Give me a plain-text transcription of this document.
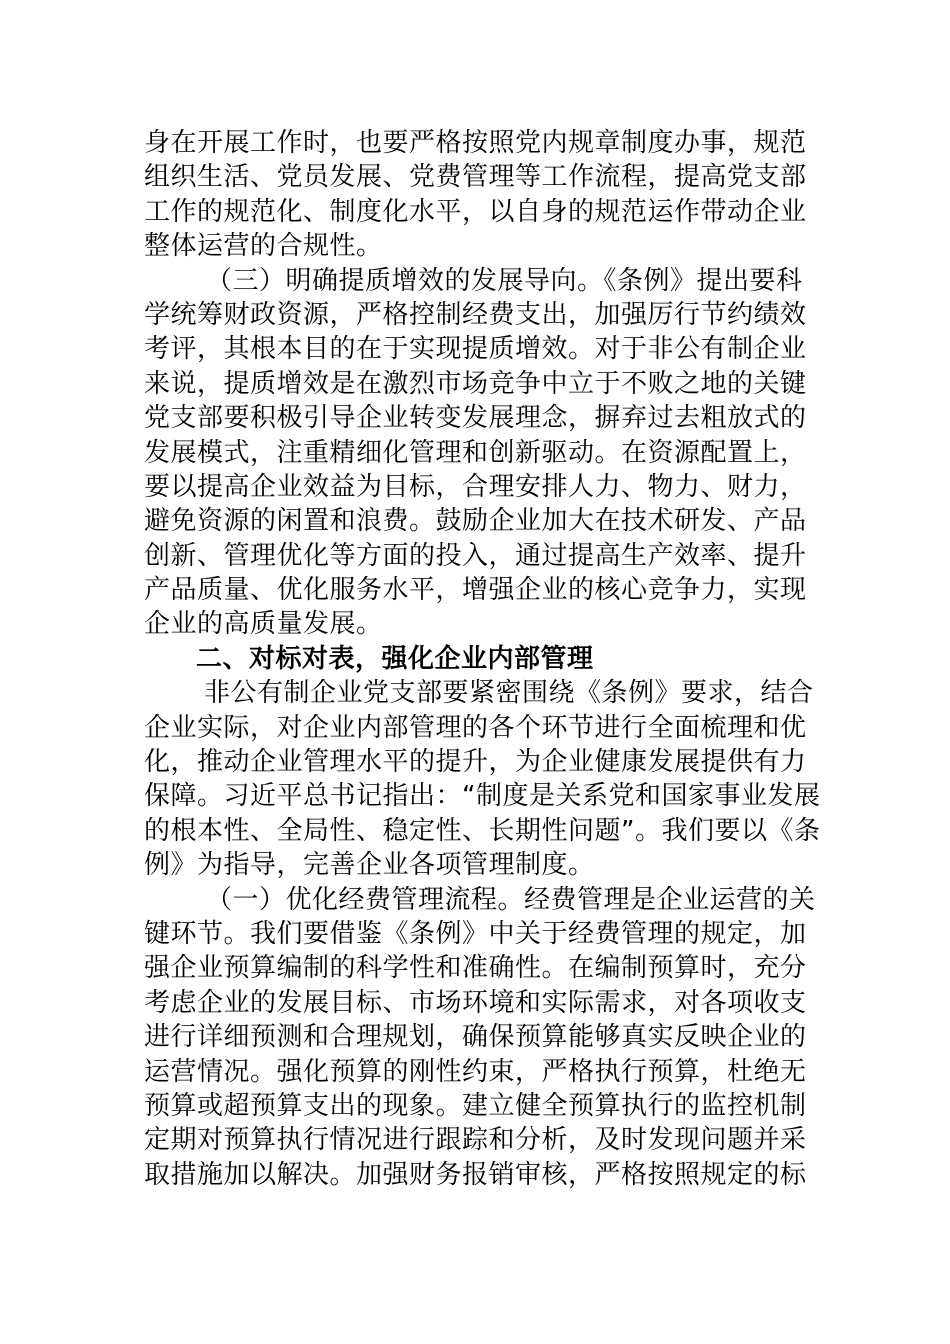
身在开展工作时，也要严格按照党内规章制度办事，规范
组织生活、党员发展、党费管理等工作流程，提高党支部
工作的规范化、制度化水平，以自身的规范运作带动企业
整体运营的合规性。
（三）明确提质增效的发展导向。《条例》提出要科
学统筹财政资源，严格控制经费支出，加强厉行节约绩效
考评，其根本目的在于实现提质增效。对于非公有制企业
来说，提质增效是在激烈市场竞争中立于不败之地的关键
党支部要积极引导企业转变发展理念，摒弃过去粗放式的
发展模式，注重精细化管理和创新驱动。在资源配置上，
要以提高企业效益为目标，合理安排人力、物力、财力，
避免资源的闲置和浪费。鼓励企业加大在技术研发、产品
创新、管理优化等方面的投入，通过提高生产效率、提升
产品质量、优化服务水平，增强企业的核心竞争力，实现
企业的高质量发展。
二、对标对表，强化企业内部管理
非公有制企业党支部要紧密围绕《条例》要求，结合
企业实际，对企业内部管理的各个环节进行全面梳理和优
化，推动企业管理水平的提升，为企业健康发展提供有力
保障。习近平总书记指出：“制度是关系党和国家事业发展
的根本性、全局性、稳定性、长期性问题”。我们要以《条
例》为指导，完善企业各项管理制度。
（一）优化经费管理流程。经费管理是企业运营的关
键环节。我们要借鉴《条例》中关于经费管理的规定，加
强企业预算编制的科学性和准确性。在编制预算时，充分
考虑企业的发展目标、市场环境和实际需求，对各项收支
进行详细预测和合理规划，确保预算能够真实反映企业的
运营情况。强化预算的刚性约束，严格执行预算，杜绝无
预算或超预算支出的现象。建立健全预算执行的监控机制
定期对预算执行情况进行跟踪和分析，及时发现问题并采
取措施加以解决。加强财务报销审核，严格按照规定的标
